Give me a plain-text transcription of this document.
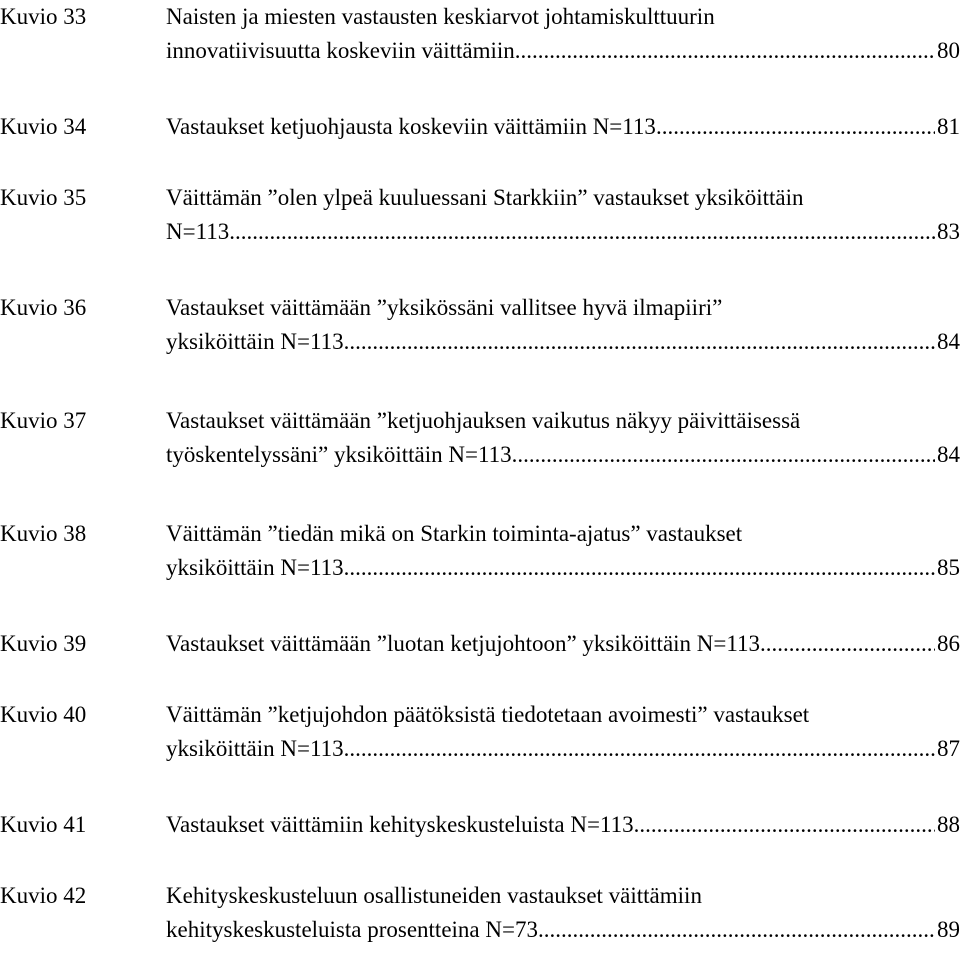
Kuvio 33	Naisten ja miesten vastausten keskiarvot johtamiskulttuurin
innovatiivisuutta koskeviin väittämiin .....	80
Kuvio 34	Vastaukset ketjuohjausta koskeviin väittämiin N=113 .....	81
Kuvio 35	Väittämän ”olen ylpeä kuuluessani Starkkiin” vastaukset yksiköittäin
N=113 .....	83
Kuvio 36	Vastaukset väittämään ”yksikössäni vallitsee hyvä ilmapiiri”
yksiköittäin N=113 .....	84
Kuvio 37	Vastaukset väittämään ”ketjuohjauksen vaikutus näkyy päivittäisessä
työskentelyssäni” yksiköittäin N=113 .....	84
Kuvio 38	Väittämän ”tiedän mikä on Starkin toiminta-ajatus” vastaukset
yksiköittäin N=113 .....	85
Kuvio 39	Vastaukset väittämään ”luotan ketjujohtoon” yksiköittäin N=113 .....	86
Kuvio 40	Väittämän ”ketjujohdon päätöksistä tiedotetaan avoimesti” vastaukset
yksiköittäin N=113 .....	87
Kuvio 41	Vastaukset väittämiin kehityskeskusteluista N=113 .....	88
Kuvio 42	Kehityskeskusteluun osallistuneiden vastaukset väittämiin
kehityskeskusteluista prosentteina N=73 .....	89
